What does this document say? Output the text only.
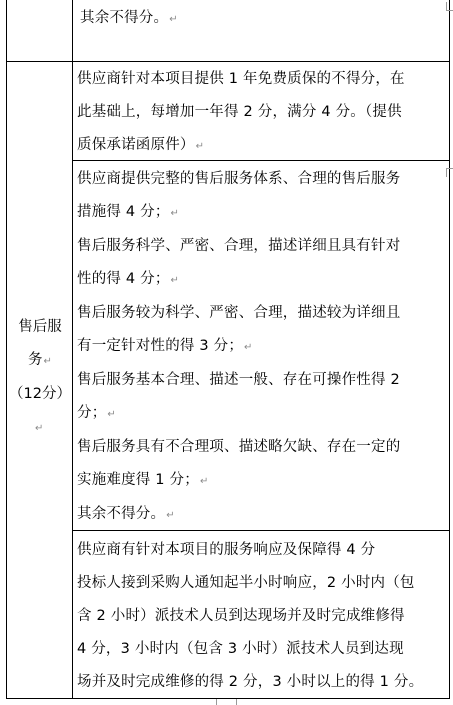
其余不得分。↵
供应商针对本项目提供 1 年免费质保的不得分，在
此基础上，每增加一年得 2 分，满分 4 分。（提供
质保承诺函原件）↵
供应商提供完整的售后服务体系、合理的售后服务
措施得 4 分；↵
售后服务科学、严密、合理，描述详细且具有针对
性的得 4 分；↵
售后服务较为科学、严密、合理，描述较为详细且
有一定针对性的得 3 分；↵
售后服务基本合理、描述一般、存在可操作性得 2
分；↵
售后服务具有不合理项、描述略欠缺、存在一定的
实施难度得 1 分；↵
其余不得分。↵
供应商有针对本项目的服务响应及保障得 4 分
投标人接到采购人通知起半小时响应，2 小时内（包
含 2 小时）派技术人员到达现场并及时完成维修得
4 分，3 小时内（包含 3 小时）派技术人员到达现
场并及时完成维修的得 2 分，3 小时以上的得 1 分。
售后服
务↵
（12分）
↵
